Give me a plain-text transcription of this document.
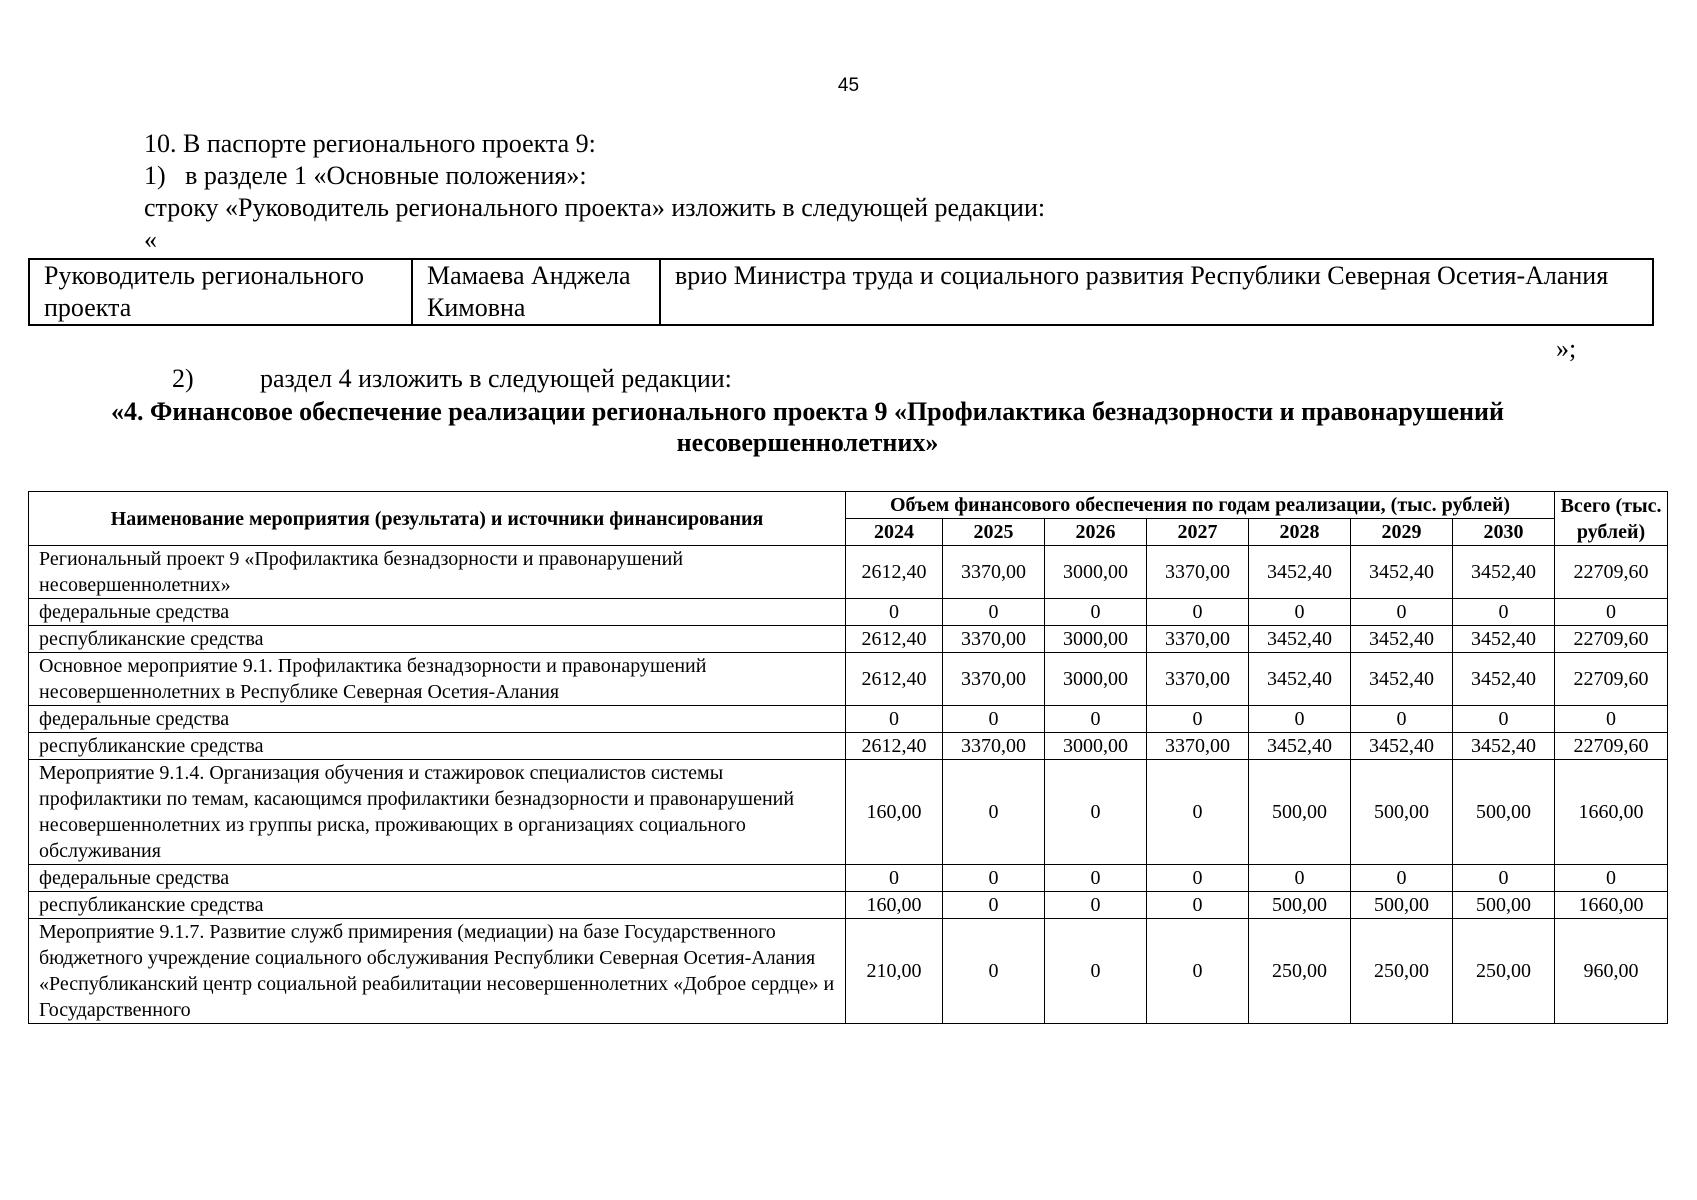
45

10. В паспорте регионального проекта 9:

1)   в разделе 1 «Основные положения»:

строку «Руководитель регионального проекта» изложить в следующей редакции:

«

Руководитель регионального проекта	Мамаева Анджела Кимовна	врио Министра труда и социального развития Республики Северная Осетия-Алания
»;
2)	раздел 4 изложить в следующей редакции:
«4. Финансовое обеспечение реализации регионального проекта 9 «Профилактика безнадзорности и правонарушений несовершеннолетних»
Наименование мероприятия (результата) и источники финансирования	Объем финансового обеспечения по годам реализации, (тыс. рублей)							Всего (тыс. рублей)
	2024	2025	2026	2027	2028	2029	2030	
Региональный проект 9 «Профилактика безнадзорности и правонарушений несовершеннолетних»	2612,40	3370,00	3000,00	3370,00	3452,40	3452,40	3452,40	22709,60
федеральные средства	0	0	0	0	0	0	0	0
республиканские средства	2612,40	3370,00	3000,00	3370,00	3452,40	3452,40	3452,40	22709,60
Основное мероприятие 9.1. Профилактика безнадзорности и правонарушений несовершеннолетних в Республике Северная Осетия-Алания	2612,40	3370,00	3000,00	3370,00	3452,40	3452,40	3452,40	22709,60
федеральные средства	0	0	0	0	0	0	0	0
республиканские средства	2612,40	3370,00	3000,00	3370,00	3452,40	3452,40	3452,40	22709,60
Мероприятие 9.1.4. Организация обучения и стажировок специалистов системы профилактики по темам, касающимся профилактики безнадзорности и правонарушений несовершеннолетних из группы риска, проживающих в организациях социального обслуживания	160,00	0	0	0	500,00	500,00	500,00	1660,00
федеральные средства	0	0	0	0	0	0	0	0
республиканские средства	160,00	0	0	0	500,00	500,00	500,00	1660,00
Мероприятие 9.1.7. Развитие служб примирения (медиации) на базе Государственного бюджетного учреждение социального обслуживания Республики Северная Осетия-Алания «Республиканский центр социальной реабилитации несовершеннолетних «Доброе сердце» и Государственного	210,00	0	0	0	250,00	250,00	250,00	960,00
